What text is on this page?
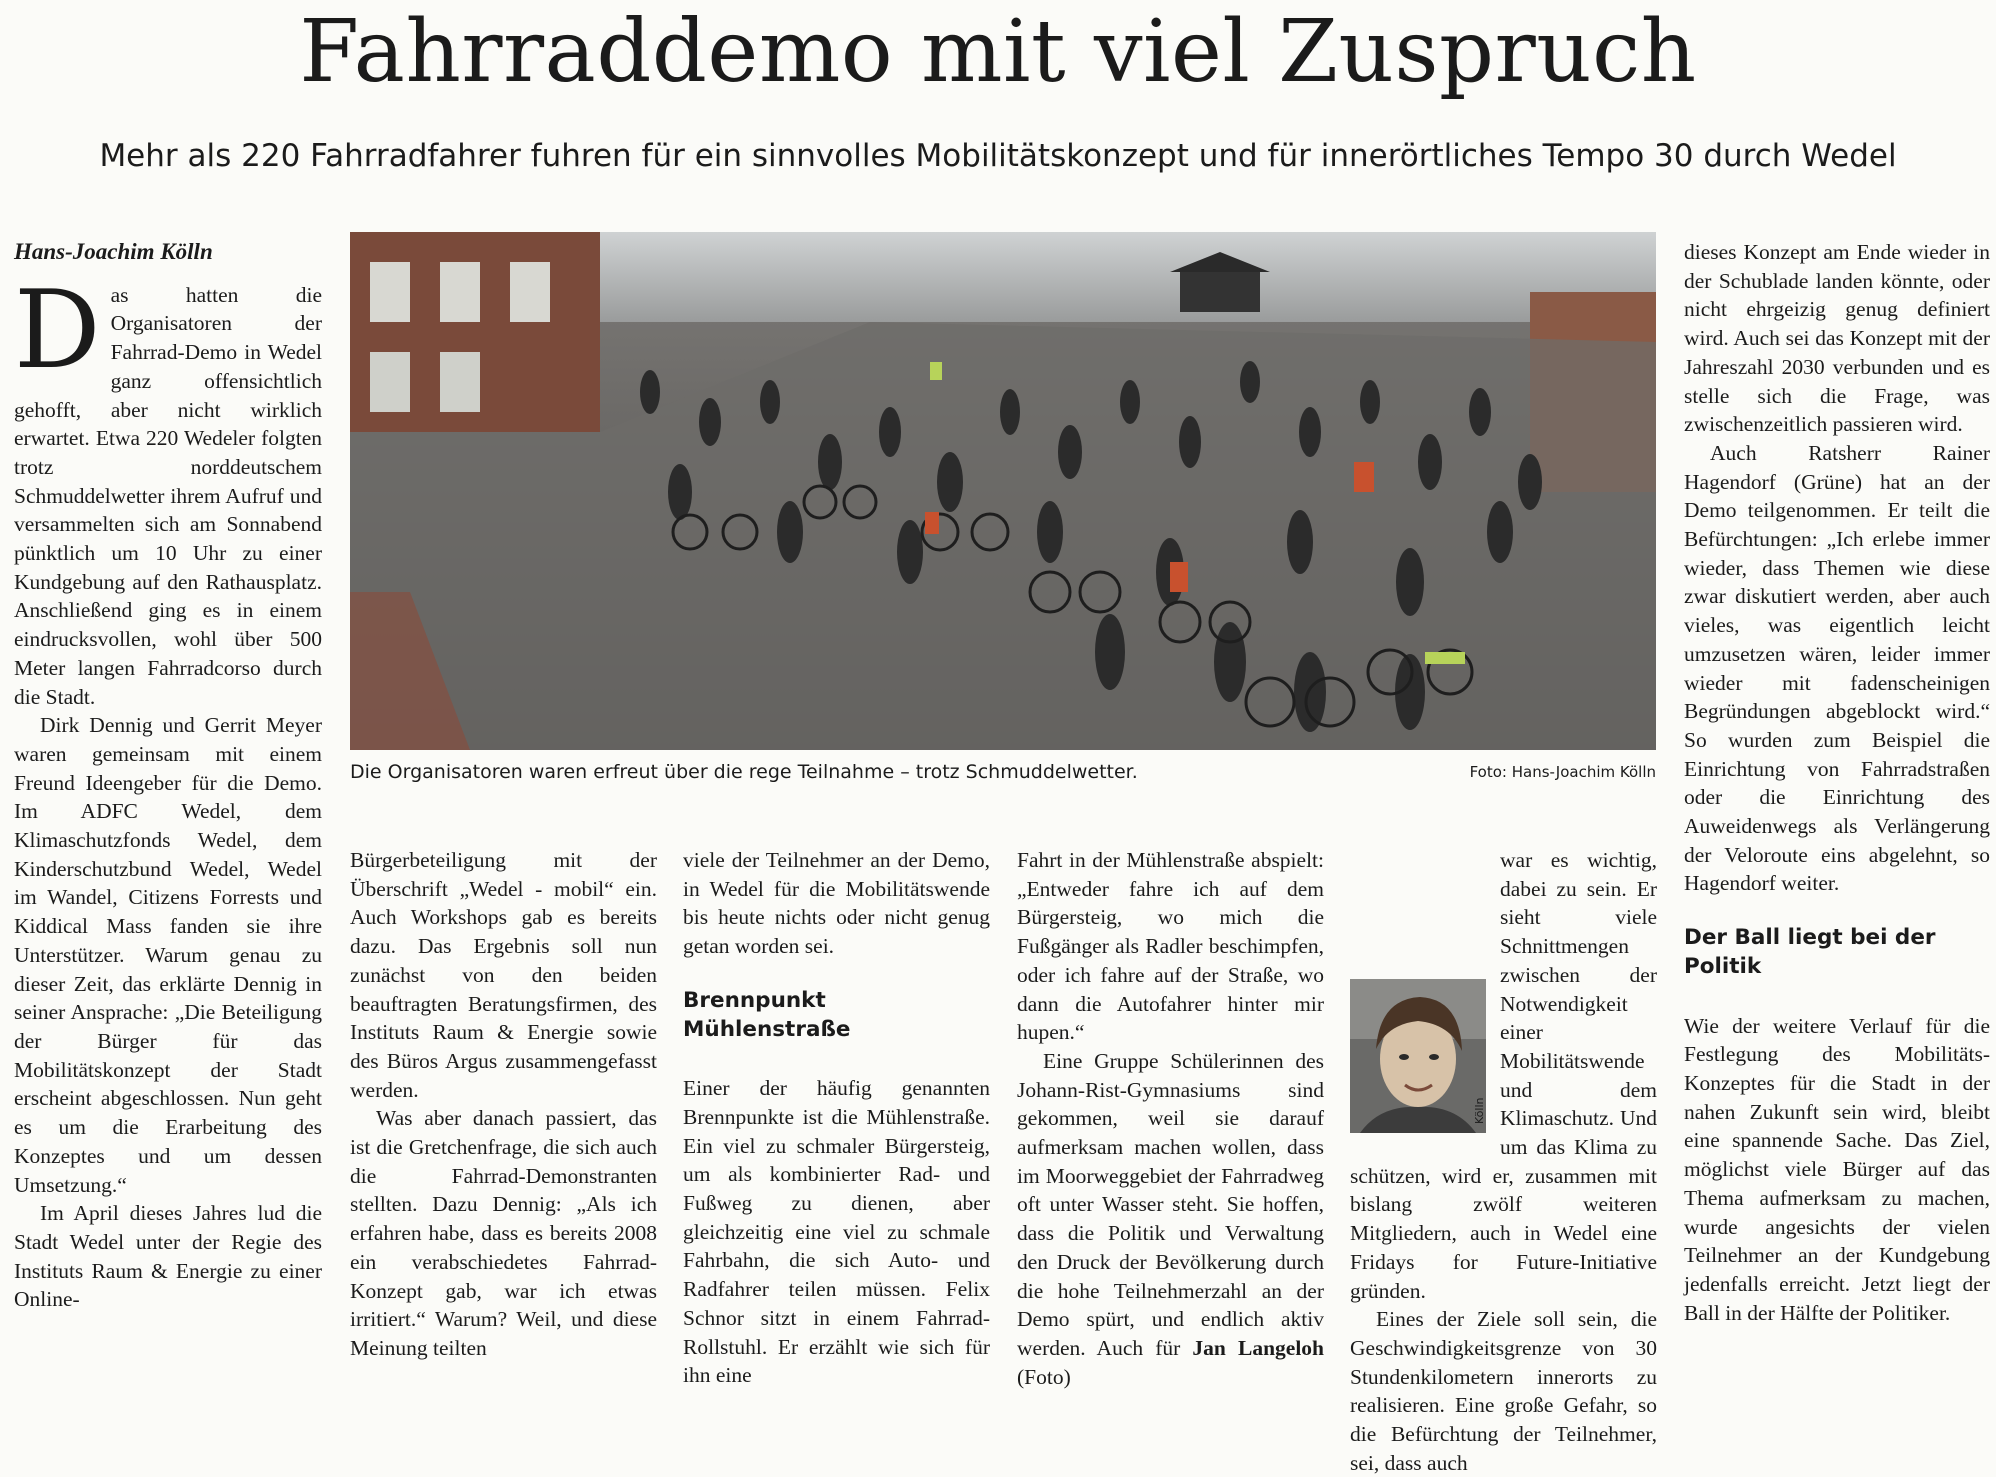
Fahrraddemo mit viel Zuspruch

Mehr als 220 Fahrradfahrer fuhren für ein sinnvolles Mobilitätskonzept und für innerörtliches Tempo 30 durch Wedel

Hans-Joachim Kölln

Das hatten die Organisatoren der Fahrrad-Demo in Wedel ganz offensichtlich gehofft, aber nicht wirklich erwartet. Etwa 220 Wedeler folgten trotz norddeutschem Schmuddelwetter ihrem Aufruf und versammelten sich am Sonnabend pünktlich um 10 Uhr zu einer Kundgebung auf den Rathausplatz. Anschließend ging es in einem eindrucksvollen, wohl über 500 Meter langen Fahrradcorso durch die Stadt.

Dirk Dennig und Gerrit Meyer waren gemeinsam mit einem Freund Ideengeber für die Demo. Im ADFC Wedel, dem Klimaschutzfonds Wedel, dem Kinderschutzbund Wedel, Wedel im Wandel, Citizens Forrests und Kiddical Mass fanden sie ihre Unterstützer. Warum genau zu dieser Zeit, das erklärte Dennig in seiner Ansprache: „Die Beteiligung der Bürger für das Mobilitätskonzept der Stadt erscheint abgeschlossen. Nun geht es um die Erarbeitung des Konzeptes und um dessen Umsetzung.“

Im April dieses Jahres lud die Stadt Wedel unter der Regie des Instituts Raum & Energie zu einer Online-

Die Organisatoren waren erfreut über die rege Teilnahme – trotz Schmuddelwetter.	Foto: Hans-Joachim Kölln

Bürgerbeteiligung mit der Überschrift „Wedel - mobil“ ein. Auch Workshops gab es bereits dazu. Das Ergebnis soll nun zunächst von den beiden beauftragten Beratungsfirmen, des Instituts Raum & Energie sowie des Büros Argus zusammengefasst werden.

Was aber danach passiert, das ist die Gretchenfrage, die sich auch die Fahrrad-Demonstranten stellten. Dazu Dennig: „Als ich erfahren habe, dass es bereits 2008 ein verabschiedetes Fahrrad-Konzept gab, war ich etwas irritiert.“ Warum? Weil, und diese Meinung teilten

viele der Teilnehmer an der Demo, in Wedel für die Mobilitätswende bis heute nichts oder nicht genug getan worden sei.

Brennpunkt Mühlenstraße

Einer der häufig genannten Brennpunkte ist die Mühlenstraße. Ein viel zu schmaler Bürgersteig, um als kombinierter Rad- und Fußweg zu dienen, aber gleichzeitig eine viel zu schmale Fahrbahn, die sich Auto- und Radfahrer teilen müssen. Felix Schnor sitzt in einem Fahrrad-Rollstuhl. Er erzählt wie sich für ihn eine

Fahrt in der Mühlenstraße abspielt: „Entweder fahre ich auf dem Bürgersteig, wo mich die Fußgänger als Radler beschimpfen, oder ich fahre auf der Straße, wo dann die Autofahrer hinter mir hupen.“

Eine Gruppe Schülerinnen des Johann-Rist-Gymnasiums sind gekommen, weil sie darauf aufmerksam machen wollen, dass im Moorweggebiet der Fahrradweg oft unter Wasser steht. Sie hoffen, dass die Politik und Verwaltung den Druck der Bevölkerung durch die hohe Teilnehmerzahl an der Demo spürt, und endlich aktiv werden. Auch für Jan Langeloh (Foto)

Kölln

war es wichtig, dabei zu sein. Er sieht viele Schnittmengen zwischen der Notwendigkeit einer Mobilitätswende und dem Klimaschutz. Und um das Klima zu schützen, wird er, zusammen mit bislang zwölf weiteren Mitgliedern, auch in Wedel eine Fridays for Future-Initiative gründen.

Eines der Ziele soll sein, die Geschwindigkeitsgrenze von 30 Stundenkilometern innerorts zu realisieren. Eine große Gefahr, so die Befürchtung der Teilnehmer, sei, dass auch

dieses Konzept am Ende wieder in der Schublade landen könnte, oder nicht ehrgeizig genug definiert wird. Auch sei das Konzept mit der Jahreszahl 2030 verbunden und es stelle sich die Frage, was zwischenzeitlich passieren wird.

Auch Ratsherr Rainer Hagendorf (Grüne) hat an der Demo teilgenommen. Er teilt die Befürchtungen: „Ich erlebe immer wieder, dass Themen wie diese zwar diskutiert werden, aber auch vieles, was eigentlich leicht umzusetzen wären, leider immer wieder mit fadenscheinigen Begründungen abgeblockt wird.“ So wurden zum Beispiel die Einrichtung von Fahrradstraßen oder die Einrichtung des Auweidenwegs als Verlängerung der Veloroute eins abgelehnt, so Hagendorf weiter.

Der Ball liegt bei der Politik

Wie der weitere Verlauf für die Festlegung des Mobilitäts-Konzeptes für die Stadt in der nahen Zukunft sein wird, bleibt eine spannende Sache. Das Ziel, möglichst viele Bürger auf das Thema aufmerksam zu machen, wurde angesichts der vielen Teilnehmer an der Kundgebung jedenfalls erreicht. Jetzt liegt der Ball in der Hälfte der Politiker.
